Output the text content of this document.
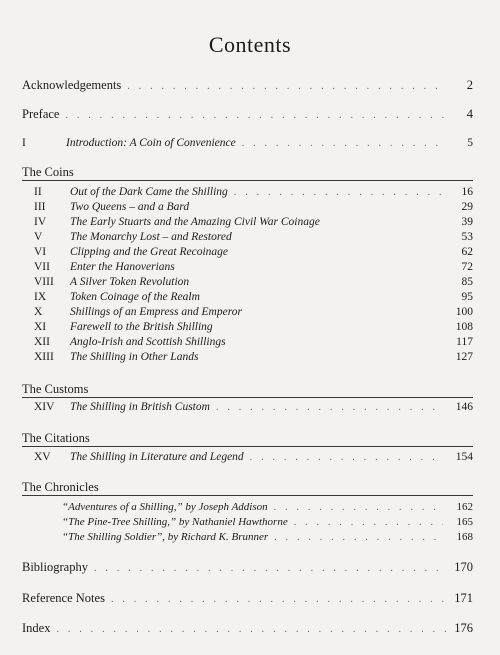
Contents
Acknowledgements . . .	2
Preface . . .	4
I	Introduction: A Coin of Convenience . . .	5
The Coins
II	Out of the Dark Came the Shilling . . .	16
III	Two Queens – and a Bard	29
IV	The Early Stuarts and the Amazing Civil War Coinage	39
V	The Monarchy Lost – and Restored	53
VI	Clipping and the Great Recoinage	62
VII	Enter the Hanoverians	72
VIII	A Silver Token Revolution	85
IX	Token Coinage of the Realm	95
X	Shillings of an Empress and Emperor	100
XI	Farewell to the British Shilling	108
XII	Anglo-Irish and Scottish Shillings	117
XIII	The Shilling in Other Lands	127
The Customs
XIV	The Shilling in British Custom . . .	146
The Citations
XV	The Shilling in Literature and Legend . . .	154
The Chronicles
“Adventures of a Shilling,” by Joseph Addison . . .	162
“The Pine-Tree Shilling,” by Nathaniel Hawthorne . . .	165
“The Shilling Soldier”, by Richard K. Brunner . . .	168
Bibliography . . .	170
Reference Notes . . .	171
Index . . .	176
